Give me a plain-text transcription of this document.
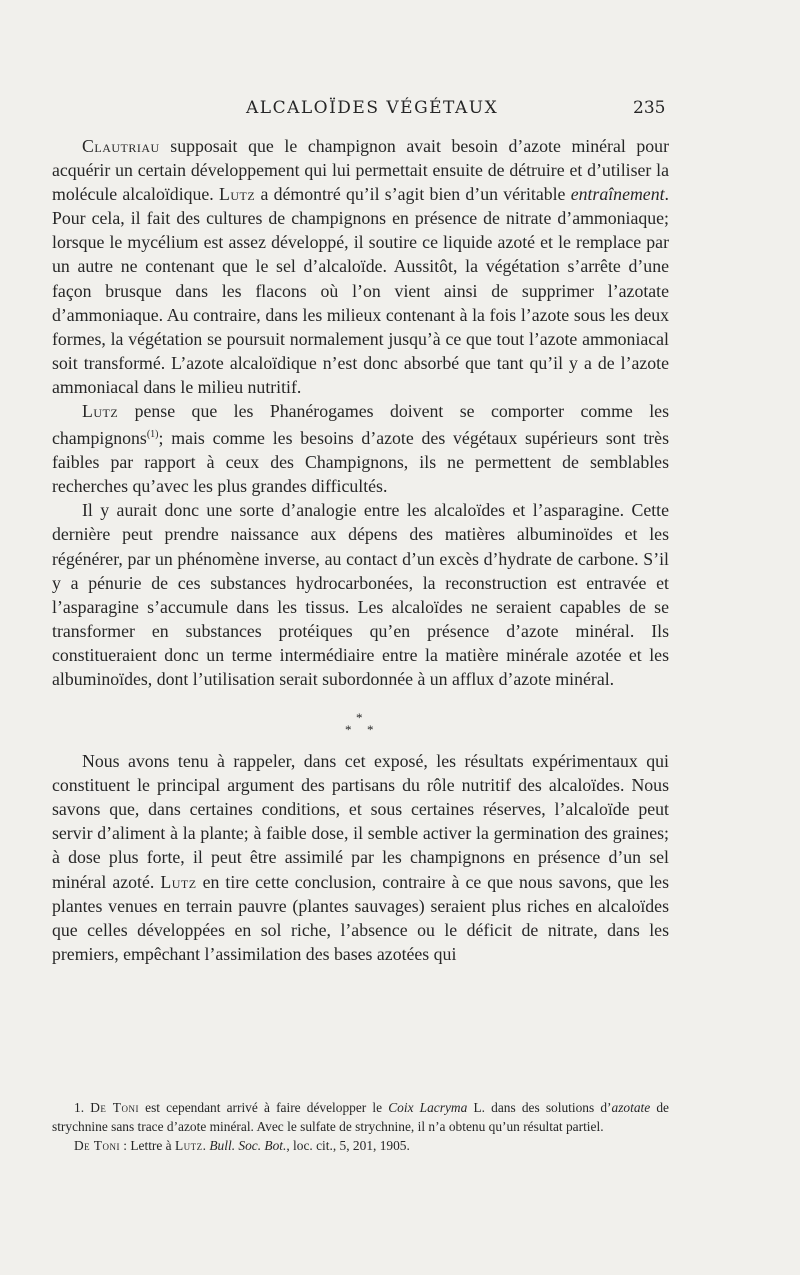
ALCALOÏDES VÉGÉTAUX	235

Clautriau supposait que le champignon avait besoin d’azote minéral pour acquérir un certain développement qui lui permettait ensuite de détruire et d’utiliser la molécule alcaloïdique. Lutz a démontré qu’il s’agit bien d’un véritable entraînement. Pour cela, il fait des cultures de champignons en présence de nitrate d’ammoniaque; lorsque le mycélium est assez développé, il soutire ce liquide azoté et le remplace par un autre ne contenant que le sel d’alcaloïde. Aussitôt, la végétation s’arrête d’une façon brusque dans les flacons où l’on vient ainsi de supprimer l’azotate d’ammoniaque. Au contraire, dans les milieux contenant à la fois l’azote sous les deux formes, la végétation se poursuit normalement jusqu’à ce que tout l’azote ammoniacal soit transformé. L’azote alcaloïdique n’est donc absorbé que tant qu’il y a de l’azote ammoniacal dans le milieu nutritif.

Lutz pense que les Phanérogames doivent se comporter comme les champignons$^{(1)}$; mais comme les besoins d’azote des végétaux supérieurs sont très faibles par rapport à ceux des Champignons, ils ne permettent de semblables recherches qu’avec les plus grandes difficultés.

Il y aurait donc une sorte d’analogie entre les alcaloïdes et l’asparagine. Cette dernière peut prendre naissance aux dépens des matières albuminoïdes et les régénérer, par un phénomène inverse, au contact d’un excès d’hydrate de carbone. S’il y a pénurie de ces substances hydrocarbonées, la reconstruction est entravée et l’asparagine s’accumule dans les tissus. Les alcaloïdes ne seraient capables de se transformer en substances protéiques qu’en présence d’azote minéral. Ils constitueraient donc un terme intermédiaire entre la matière minérale azotée et les albuminoïdes, dont l’utilisation serait subordonnée à un afflux d’azote minéral.

*
* *

Nous avons tenu à rappeler, dans cet exposé, les résultats expérimentaux qui constituent le principal argument des partisans du rôle nutritif des alcaloïdes. Nous savons que, dans certaines conditions, et sous certaines réserves, l’alcaloïde peut servir d’aliment à la plante; à faible dose, il semble activer la germination des graines; à dose plus forte, il peut être assimilé par les champignons en présence d’un sel minéral azoté. Lutz en tire cette conclusion, contraire à ce que nous savons, que les plantes venues en terrain pauvre (plantes sauvages) seraient plus riches en alcaloïdes que celles développées en sol riche, l’absence ou le déficit de nitrate, dans les premiers, empêchant l’assimilation des bases azotées qui

1. De Toni est cependant arrivé à faire développer le Coix Lacryma L. dans des solutions d’azotate de strychnine sans trace d’azote minéral. Avec le sulfate de strychnine, il n’a obtenu qu’un résultat partiel.

De Toni : Lettre à Lutz. Bull. Soc. Bot., loc. cit., 5, 201, 1905.
